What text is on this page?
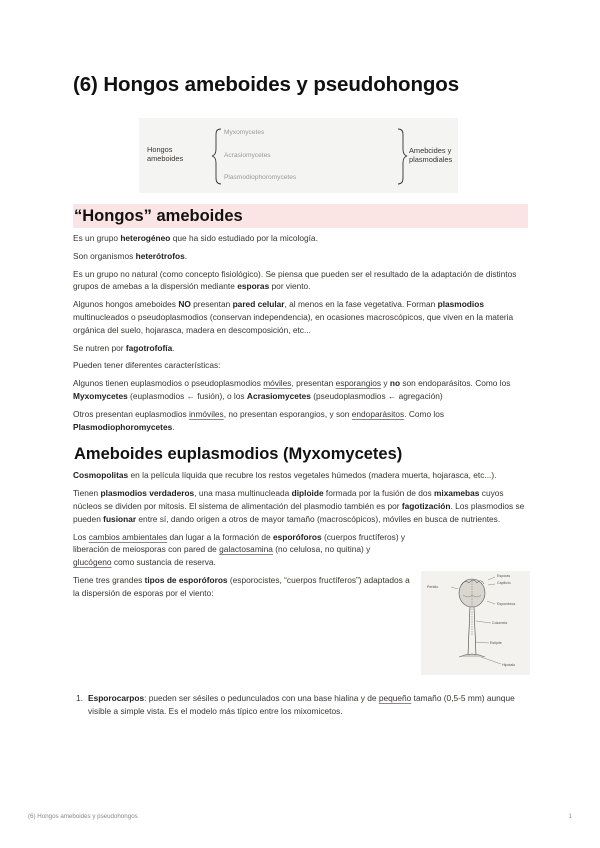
(6) Hongos ameboides y pseudohongos
Hongos
ameboides
Myxomycetes
Acrasiomycetes
Plasmodiophoromycetes
Amebcides y
plasmodiales
“Hongos” ameboides

Es un grupo heterogéneo que ha sido estudiado por la micología.

Son organismos heterótrofos.

Es un grupo no natural (como concepto fisiológico). Se piensa que pueden ser el resultado de la adaptación de distintos grupos de amebas a la dispersión mediante esporas por viento.

Algunos hongos ameboides NO presentan pared celular, al menos en la fase vegetativa. Forman plasmodios multinucleados o pseudoplasmodios (conservan independencia), en ocasiones macroscópicos, que viven en la materia orgánica del suelo, hojarasca, madera en descomposición, etc...

Se nutren por fagotrofofía.

Pueden tener diferentes características:

Algunos tienen euplasmodios o pseudoplasmodios móviles, presentan esporangios y no son endoparásitos. Como los Myxomycetes (euplasmodios ← fusión), o los Acrasiomycetes (pseudoplasmodios ← agregación)

Otros presentan euplasmodios inmóviles, no presentan esporangios, y son endoparásitos. Como los Plasmodiophoromycetes.

Ameboides euplasmodios (Myxomycetes)

Cosmopolitas en la película líquida que recubre los restos vegetales húmedos (madera muerta, hojarasca, etc...).

Tienen plasmodios verdaderos, una masa multinucleada diploide formada por la fusión de dos mixamebas cuyos núcleos se dividen por mitosis. El sistema de alimentación del plasmodio también es por fagotización. Los plasmodios se pueden fusionar entre sí, dando origen a otros de mayor tamaño (macroscópicos), móviles en busca de nutrientes.

Los cambios ambientales dan lugar a la formación de esporóforos (cuerpos fructíferos) y liberación de meiosporas con pared de galactosamina (no celulosa, no quitina) y glucógeno como sustancia de reserva.

Tiene tres grandes tipos de esporóforos (esporocistes, “cuerpos fructíferos”) adaptados a la dispersión de esporas por el viento:

Esporas
Capilicio
Peridio
Esporoteca
Columela
Estipite
Hipotalo
1. Esporocarpos: pueden ser sésiles o pedunculados con una base hialina y de pequeño tamaño (0,5-5 mm) aunque visible a simple vista. Es el modelo más típico entre los mixomicetos.
(6) Hongos ameboides y pseudohongos	1
